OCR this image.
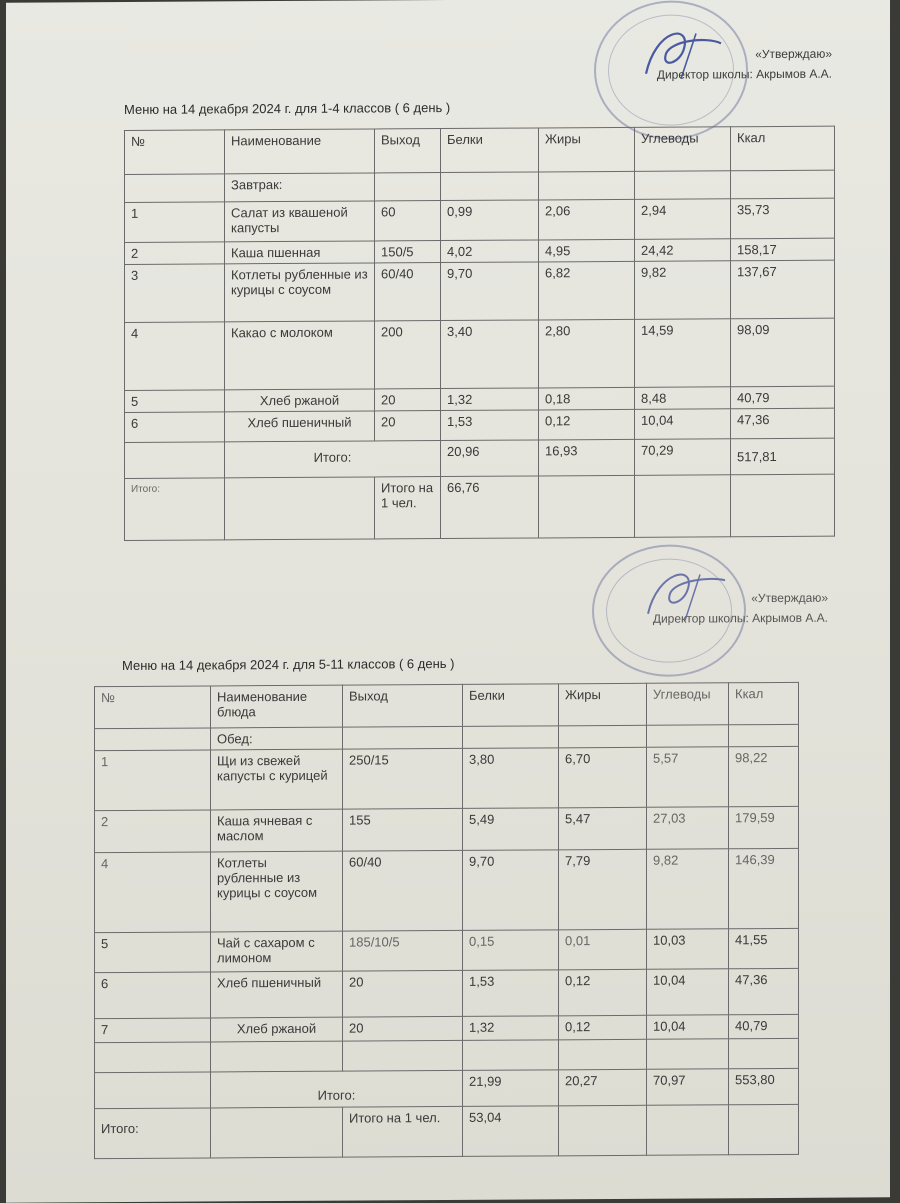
«Утверждаю»
Директор школы: Акрымов А.А.
Меню на 14 декабря 2024 г. для 1-4 классов ( 6 день )
№	Наименование	Выход	Белки	Жиры	Углеводы	Ккал
	Завтрак:					
1	Салат из квашеной капусты	60	0,99	2,06	2,94	35,73
2	Каша пшенная	150/5	4,02	4,95	24,42	158,17
3	Котлеты рубленные из курицы с соусом	60/40	9,70	6,82	9,82	137,67
4	Какао с молоком	200	3,40	2,80	14,59	98,09
5	Хлеб ржаной	20	1,32	0,18	8,48	40,79
6	Хлеб пшеничный	20	1,53	0,12	10,04	47,36
	Итого:		20,96	16,93	70,29	517,81
Итого:		Итого на 1 чел.	66,76			
«Утверждаю»
Директор школы: Акрымов А.А.
Меню на 14 декабря 2024 г. для 5-11 классов ( 6 день )
№	Наименование блюда	Выход	Белки	Жиры	Углеводы	Ккал
	Обед:					
1	Щи из свежей капусты с курицей	250/15	3,80	6,70	5,57	98,22
2	Каша ячневая с маслом	155	5,49	5,47	27,03	179,59
4	Котлеты рубленные из курицы с соусом	60/40	9,70	7,79	9,82	146,39
5	Чай с сахаром с лимоном	185/10/5	0,15	0,01	10,03	41,55
6	Хлеб пшеничный	20	1,53	0,12	10,04	47,36
7	Хлеб ржаной	20	1,32	0,12	10,04	40,79

	Итого:		21,99	20,27	70,97	553,80
Итого:		Итого на 1 чел.	53,04			
